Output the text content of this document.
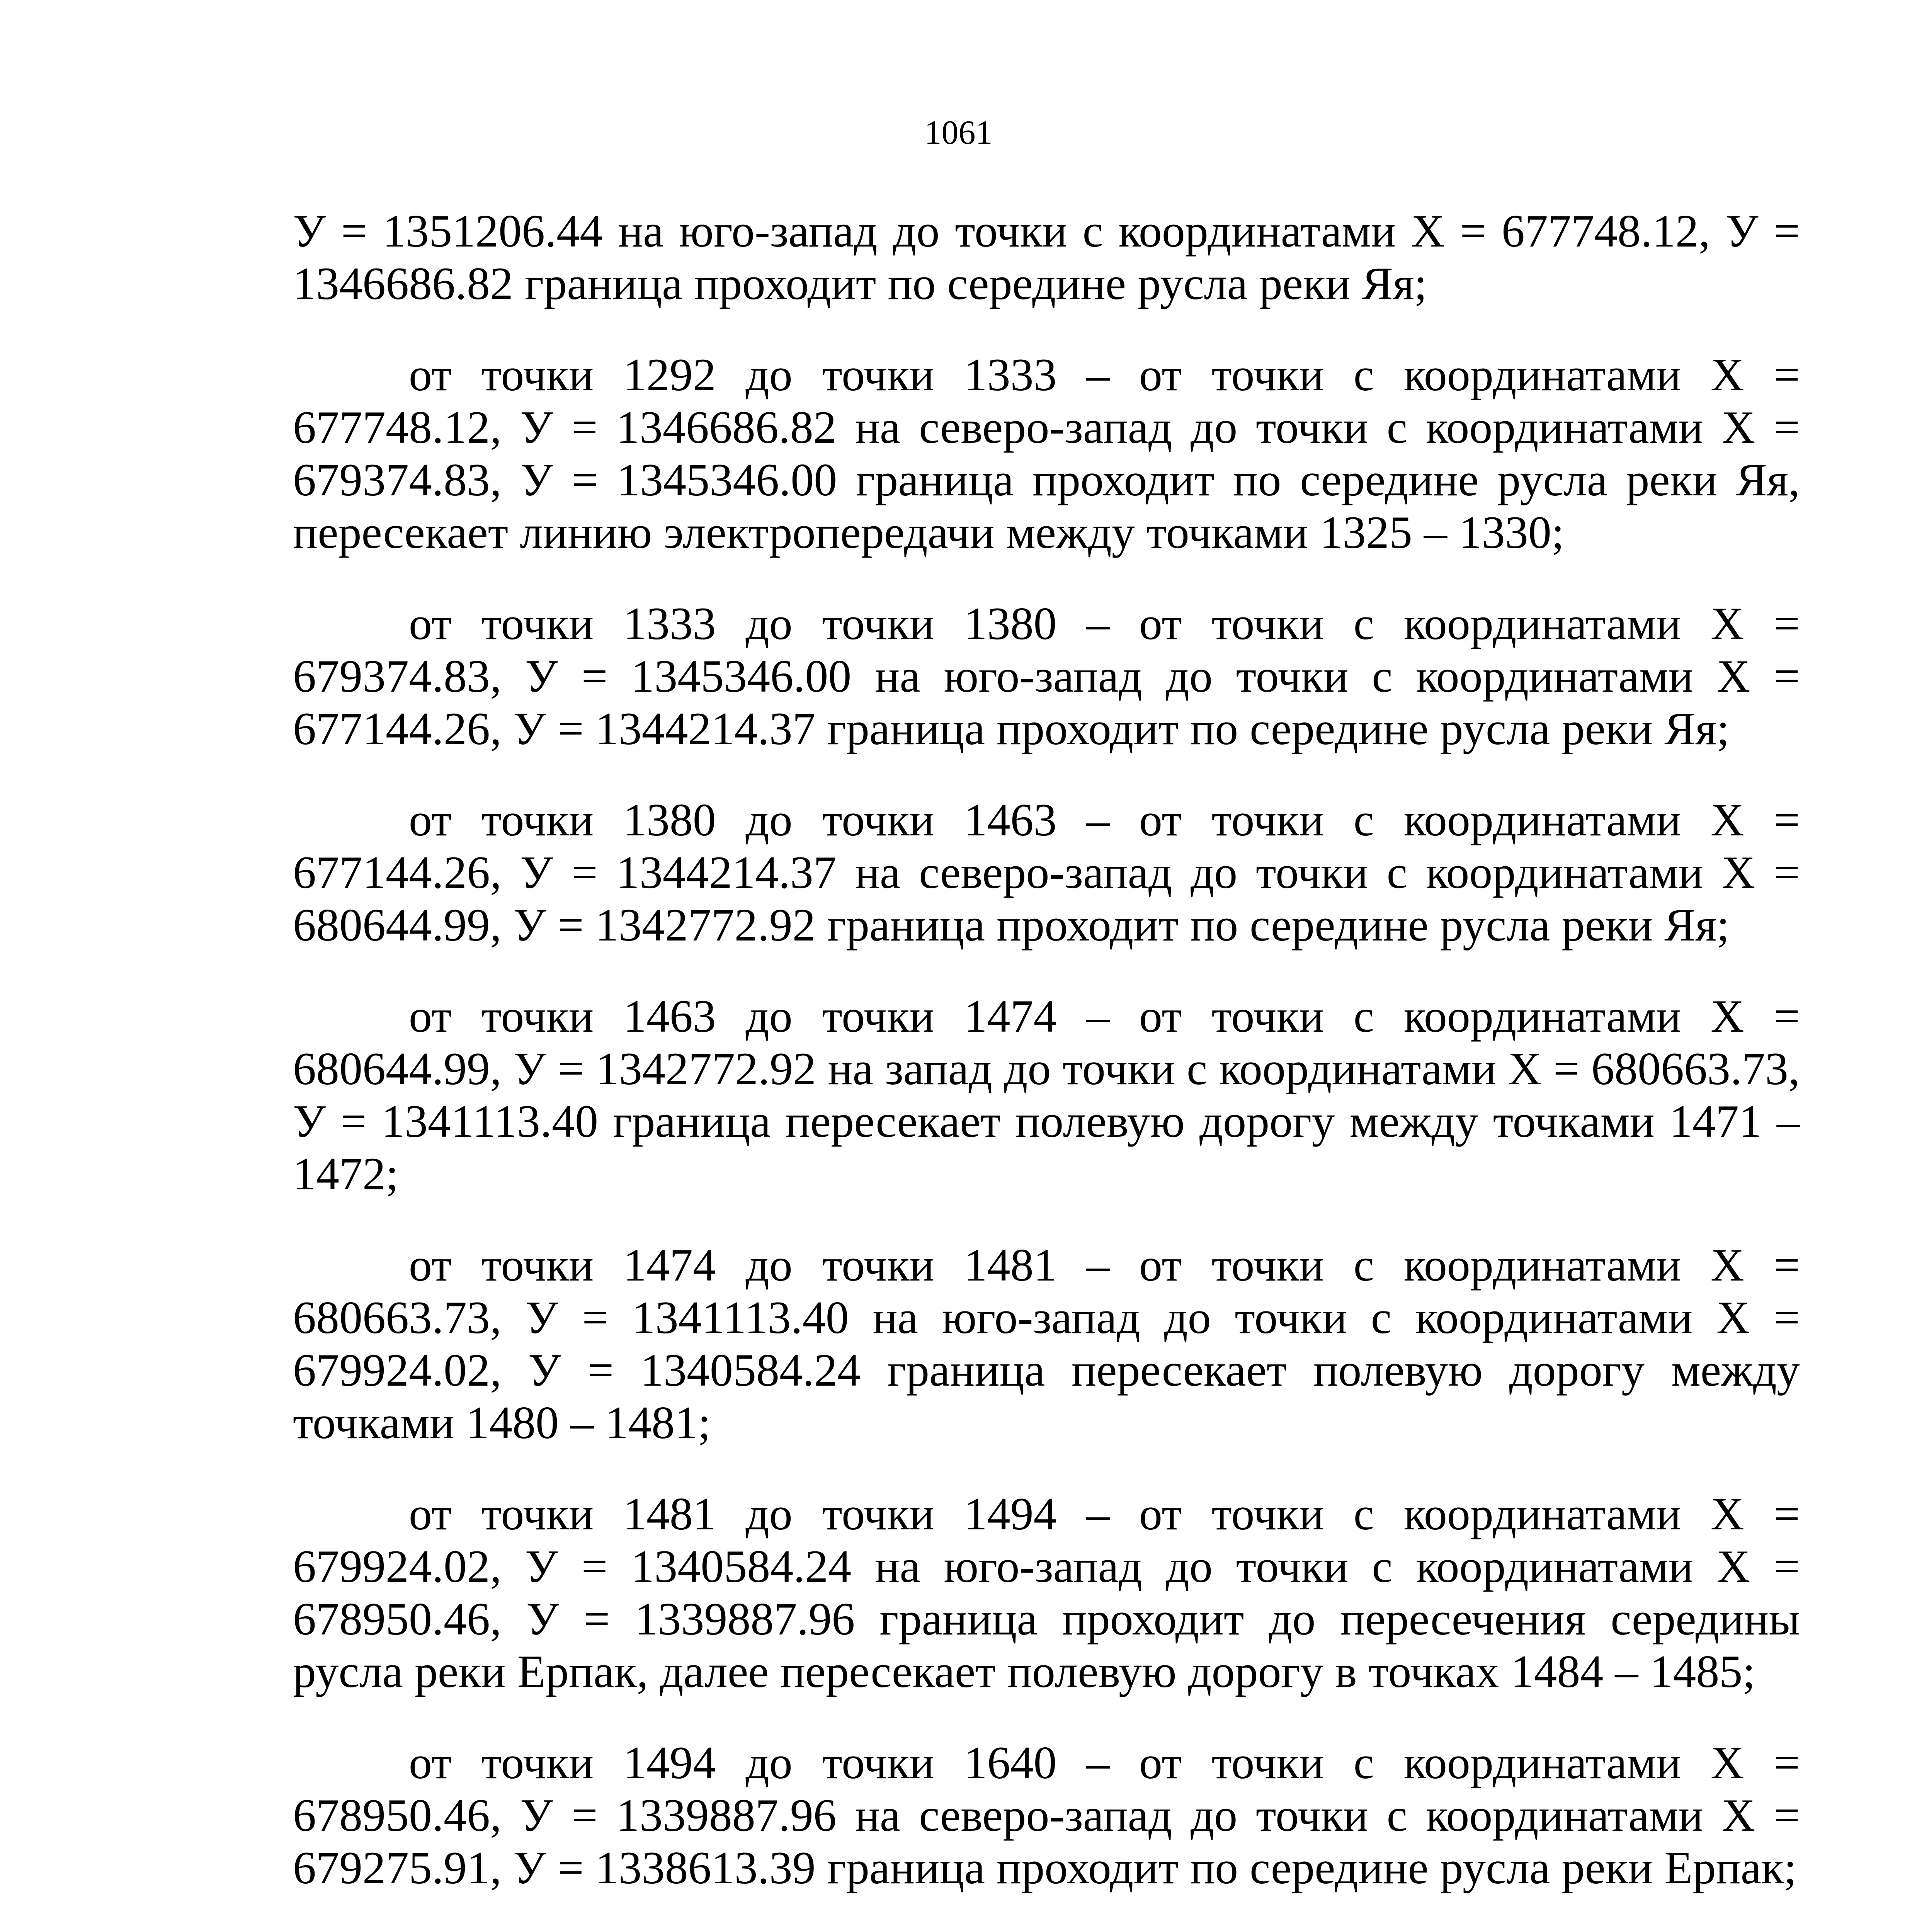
1061

У = 1351206.44 на юго-запад до точки с координатами Х = 677748.12, У = 1346686.82 граница проходит по середине русла реки Яя;

от точки 1292 до точки 1333 – от точки с координатами Х = 677748.12, У = 1346686.82 на северо-запад до точки с координатами Х = 679374.83, У = 1345346.00 граница проходит по середине русла реки Яя, пересекает линию электропередачи между точками 1325 – 1330;

от точки 1333 до точки 1380 – от точки с координатами Х = 679374.83, У = 1345346.00 на юго-запад до точки с координатами Х = 677144.26, У = 1344214.37 граница проходит по середине русла реки Яя;

от точки 1380 до точки 1463 – от точки с координатами Х = 677144.26, У = 1344214.37 на северо-запад до точки с координатами Х = 680644.99, У = 1342772.92 граница проходит по середине русла реки Яя;

от точки 1463 до точки 1474 – от точки с координатами Х = 680644.99, У = 1342772.92 на запад до точки с координатами Х = 680663.73, У = 1341113.40 граница пересекает полевую дорогу между точками 1471 – 1472;

от точки 1474 до точки 1481 – от точки с координатами Х = 680663.73, У = 1341113.40 на юго-запад до точки с координатами Х = 679924.02, У = 1340584.24 граница пересекает полевую дорогу между точками 1480 – 1481;

от точки 1481 до точки 1494 – от точки с координатами Х = 679924.02, У = 1340584.24 на юго-запад до точки с координатами Х = 678950.46, У = 1339887.96 граница проходит до пересечения середины русла реки Ерпак, далее пересекает полевую дорогу в точках 1484 – 1485;

от точки 1494 до точки 1640 – от точки с координатами Х = 678950.46, У = 1339887.96 на северо-запад до точки с координатами Х = 679275.91, У = 1338613.39 граница проходит по середине русла реки Ерпак;
